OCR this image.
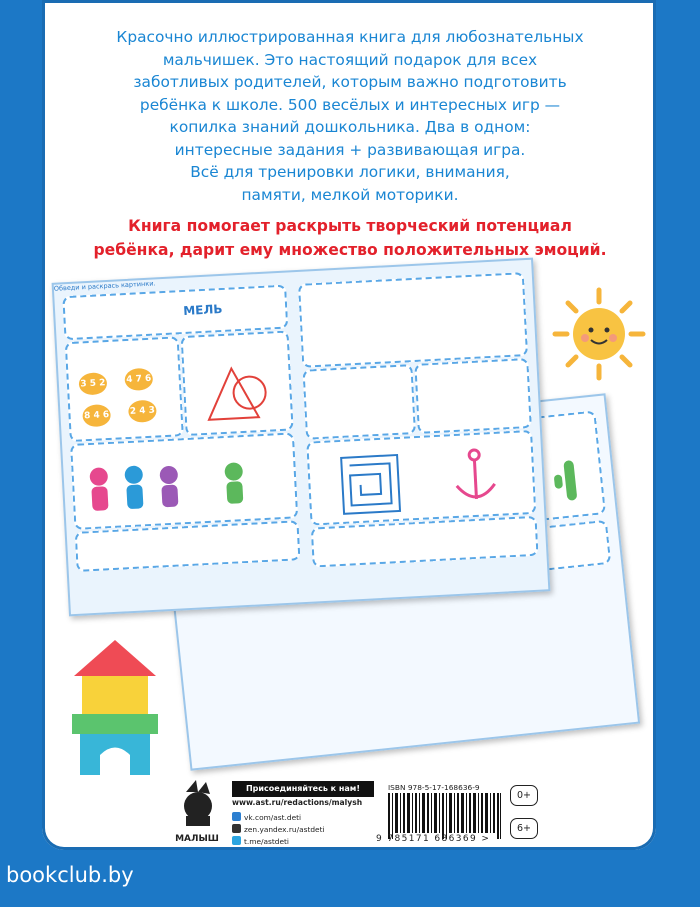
Красочно иллюстрированная книга для любознательных
мальчишек. Это настоящий подарок для всех
заботливых родителей, которым важно подготовить
ребёнка к школе. 500 весёлых и интересных игр —
копилка знаний дошкольника. Два в одном:
интересные задания + развивающая игра.
Всё для тренировки логики, внимания,
памяти, мелкой моторики.
Книга помогает раскрыть творческий потенциал
ребёнка, дарит ему множество положительных эмоций.
МЕЛЬ
3 5 2 4 7 6
8 4 6 2 4 3
Обведи и раскрась картинки.
МАЛЫШ
Присоединяйтесь к нам!
www.ast.ru/redactions/malysh
vk.com/ast.deti
zen.yandex.ru/astdeti
t.me/astdeti
ISBN 978-5-17-168636-9
9 785171 686369 >
0+
6+
bookclub.by
